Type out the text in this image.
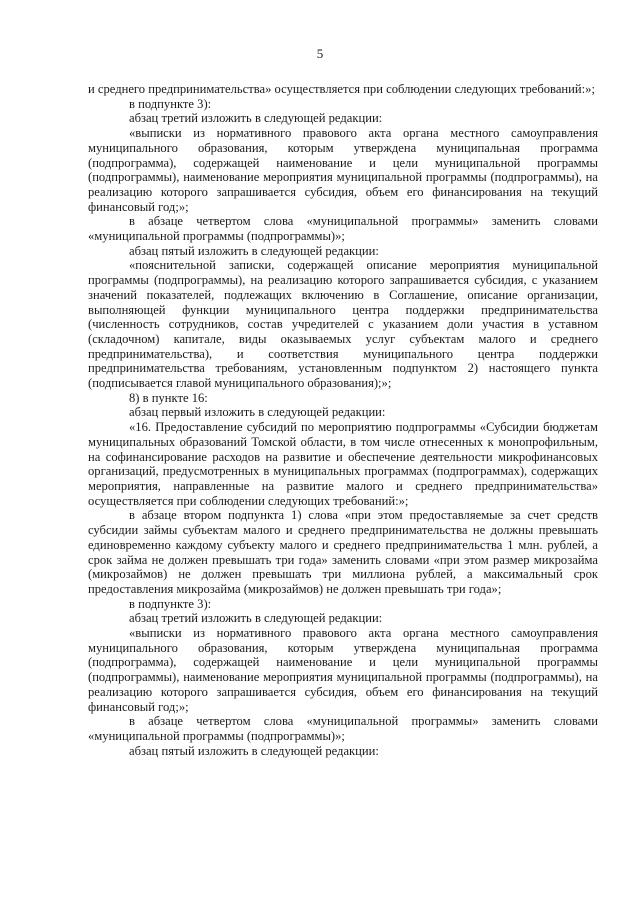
5

и среднего предпринимательства» осуществляется при соблюдении следующих требований:»;

в подпункте 3):

абзац третий изложить в следующей редакции:

«выписки из нормативного правового акта органа местного самоуправления муниципального образования, которым утверждена муниципальная программа (подпрограмма), содержащей наименование и цели муниципальной программы (подпрограммы), наименование мероприятия муниципальной программы (подпрограммы), на реализацию которого запрашивается субсидия, объем его финансирования на текущий финансовый год;»;

в абзаце четвертом слова «муниципальной программы» заменить словами «муниципальной программы (подпрограммы)»;

абзац пятый изложить в следующей редакции:

«пояснительной записки, содержащей описание мероприятия муниципальной программы (подпрограммы), на реализацию которого запрашивается субсидия, с указанием значений показателей, подлежащих включению в Соглашение, описание организации, выполняющей функции муниципального центра поддержки предпринимательства (численность сотрудников, состав учредителей с указанием доли участия в уставном (складочном) капитале, виды оказываемых услуг субъектам малого и среднего предпринимательства), и соответствия муниципального центра поддержки предпринимательства требованиям, установленным подпунктом 2) настоящего пункта (подписывается главой муниципального образования);»;

8) в пункте 16:

абзац первый изложить в следующей редакции:

«16. Предоставление субсидий по мероприятию подпрограммы «Субсидии бюджетам муниципальных образований Томской области, в том числе отнесенных к монопрофильным, на софинансирование расходов на развитие и обеспечение деятельности микрофинансовых организаций, предусмотренных в муниципальных программах (подпрограммах), содержащих мероприятия, направленные на развитие малого и среднего предпринимательства» осуществляется при соблюдении следующих требований:»;

в абзаце втором подпункта 1) слова «при этом предоставляемые за счет средств субсидии займы субъектам малого и среднего предпринимательства не должны превышать единовременно каждому субъекту малого и среднего предпринимательства 1 млн. рублей, а срок займа не должен превышать три года» заменить словами «при этом размер микрозайма (микрозаймов) не должен превышать три миллиона рублей, а максимальный срок предоставления микрозайма (микрозаймов) не должен превышать три года»;

в подпункте 3):

абзац третий изложить в следующей редакции:

«выписки из нормативного правового акта органа местного самоуправления муниципального образования, которым утверждена муниципальная программа (подпрограмма), содержащей наименование и цели муниципальной программы (подпрограммы), наименование мероприятия муниципальной программы (подпрограммы), на реализацию которого запрашивается субсидия, объем его финансирования на текущий финансовый год;»;

в абзаце четвертом слова «муниципальной программы» заменить словами «муниципальной программы (подпрограммы)»;

абзац пятый изложить в следующей редакции:
